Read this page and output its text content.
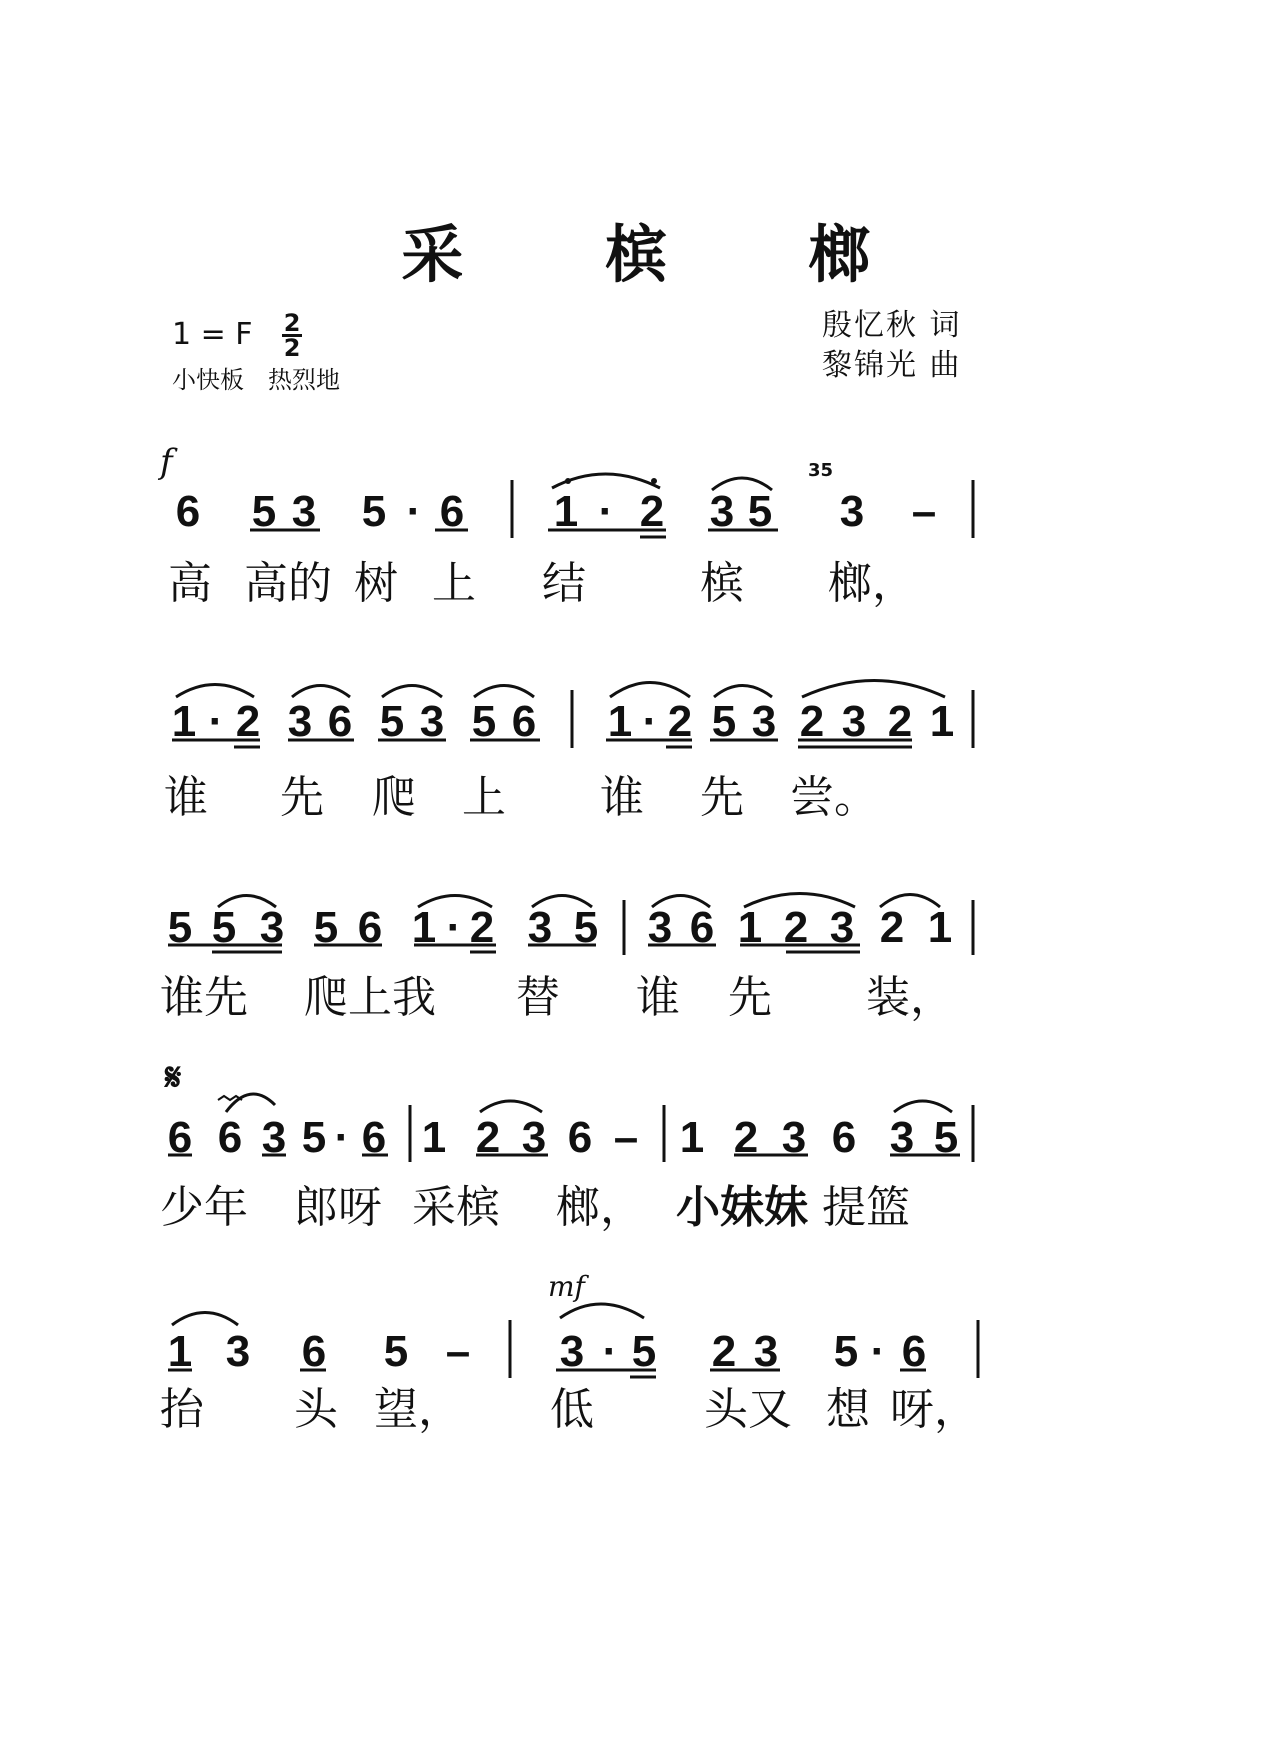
采 槟 榔
1 = F $\frac{2}{2}$
小快板　热烈地
殷忆秋 词
黎锦光 曲
f
mf
𝄋
35
6 5 3 5 · 6 1 · 2 3 5 3 –
高 高的 树 上 结	槟 榔，
1 · 2 3 6 5 3 5 6 1 · 2 5 3 2 3 2 1
谁 先 爬 上 谁 先 尝。
5 5 3 5 6 1 · 2 3 5 3 6 1 2 3 2 1
谁先 爬上我 替 谁 先 装，
6 6 3 5 · 6 1 2 3 6 – 1 2 3 6 3 5
少年 郎呀 采槟 榔， 小妹妹 提篮
1 3 6 5 – 3 · 5 2 3 5 · 6
抬 头 望， 低	头又 想 呀，
